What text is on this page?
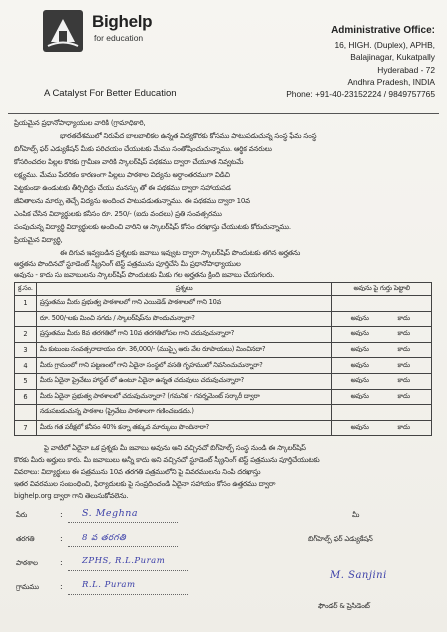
Bighelp
for education
A Catalyst For Better Education
Administrative Office:
16, HIGH. (Duplex), APHB,
Balajinagar, Kukatpally
Hyderabad - 72
Andhra Pradesh, INDIA
Phone: +91-40-23152224 / 9849757765
ప్రియమైన ప్రధానోపాధ్యాయుల వారికి (గ్రామాధికారి,
భారతదేశములో నిరుపేద బాలబాలికల ఉన్నత విద్యకొరకు కోసము పాటుపడుచున్న సంస్థ ఫేమ సంస్థ
బిగ్‌హెల్ప్ ఫర్ ఎడ్యుకేషన్ మీకు పరిచయం చేయుటకు మేము సంతోషించుచున్నాము. ఆర్థిక వనరులు
కోసరించదల పిల్లల కొరకు గ్రామీణ వారికి స్కాలర్‌షిప్ పథకము ద్వారా చేయూత నివ్వటమే
లక్ష్యము. మేము పేదరికం కారణంగా పిల్లలు పాఠశాల విద్యను అర్థాంతరముగా విడిచి
పెట్టకుండా ఉండుటకు తీర్చిదిద్దు చేయు మనస్సు తో ఈ పథకము ద్వారా సహాయపడ
జీవితాలను మార్పు తెచ్చే విద్యను అందించ పాటుపడుతున్నాము. ఈ పథకము ద్వారా 10వ
ఎంపిక చేసిన విద్యార్థులకు కనీసం రూ. 250/- (ఐదు వందలు) ప్రతి సంవత్సరము
పంపుచున్న విద్యార్థి విద్యార్థులకు అందించి వారిని ఆ స్కాలర్‌షిప్ కోసం దరఖాస్తు చేయుటకు కోరుచున్నాము.
ప్రియమైన విద్యార్థి,
ఈ దిగువ ఇవ్వబడిన ప్రశ్నలకు జవాబు ఇవ్వుట ద్వారా స్కాలర్‌షిప్ పొందుటకు తగిన అర్హతను
అర్హతను పొందినచో స్టూడెంట్ స్క్రీనింగ్ టెస్ట్ పత్రమును పూర్తిచేసి మీ ప్రధానోపాధ్యాయుల
అవును - కాదు సు జవాబులను స్కాలర్‌షిప్ పొందుటకు మీకు గల అర్హతను క్రింది జవాబు చేయగలరు.
క్ర.సం.	ప్రశ్నలు	అవును పై గుర్తు పెట్టాలి
1	ప్రస్తుతము మీరు ప్రభుత్వ పాఠశాలలో గాని ఎయిడెడ్ పాఠశాలలో గాని 10వ	
	రూ. 500/-లకు మించి నగదు / స్కాలర్‌షిప్‌ను పొందుచున్నారా?	అవును కాదు
2	ప్రస్తుతము మీరు 8వ తరగతిలో గాని 10వ తరగతిలోపల గాని చదువుచున్నారా?	అవును కాదు
3	మీ కుటుంబ సంవత్సరాదాయం రూ. 36,000/- (ముప్పై ఆరు వేల రూపాయలు) మించినదా?	అవును కాదు
4	మీరు గ్రామంలో గాని పట్టణంలో గాని ఏదైనా సంస్థలో వసతి గృహములో నివసించుచున్నారా?	అవును కాదు
5	మీరు ఏదైనా ప్రైవేటు హాస్టల్ లో ఉంటూ ఏదైనా ఉన్నత చదువులు చదువుచున్నారా?	అవును కాదు
6	మీరు ఏదైనా ప్రభుత్వ పాఠశాలలో చదువుచున్నారా? (గమనిక - గవర్నమెంట్ సర్కారీ ద్వారా	అవును కాదు
	నడుపబడుచున్న పాఠశాల (ప్రైవేటు పాఠశాలగా గణించబడదు.)	
7	మీరు గత పరీక్షలో కనీసం 40% కన్నా తక్కువ మార్కులు పొందినారా?	అవును కాదు
పై వాటిలో ఏదైనా ఒక ప్రశ్నకు మీ జవాబు అవును అని వచ్చినచో బిగ్‌హెల్ప్ సంస్థ నుండి ఈ స్కాలర్‌షిప్
కొరకు మీరు అర్హులు కారు. మీ జవాబులు అన్నీ కాదు అని వచ్చినచో స్టూడెంట్ స్క్రీనింగ్ టెస్ట్ పత్రమును పూర్తిచేయుటకు
వివరాలు: విద్యార్థులు ఈ పత్రమును 10వ తరగతి పత్రములోని పై వివరములను నింపి దరఖాస్తు
ఇతర వివరముల సంబంధించి, ఫిర్యాదులకు పై సంప్రదించండి ఏదైనా సహాయం కోసం ఉత్తరము ద్వారా
bighelp.org ద్వారా గాని తెలుసుకోవలెను.
పేరు	: S. Meghna
తరగతి	: 8 వ తరగతి
పాఠశాల	: ZPHS, R.L.Puram
గ్రామము	: R.L. Puram
మీ
బిగ్‌హెల్ప్ ఫర్ ఎడ్యుకేషన్
M. Sanjini
ఫౌండర్ & ప్రెసిడెంట్
